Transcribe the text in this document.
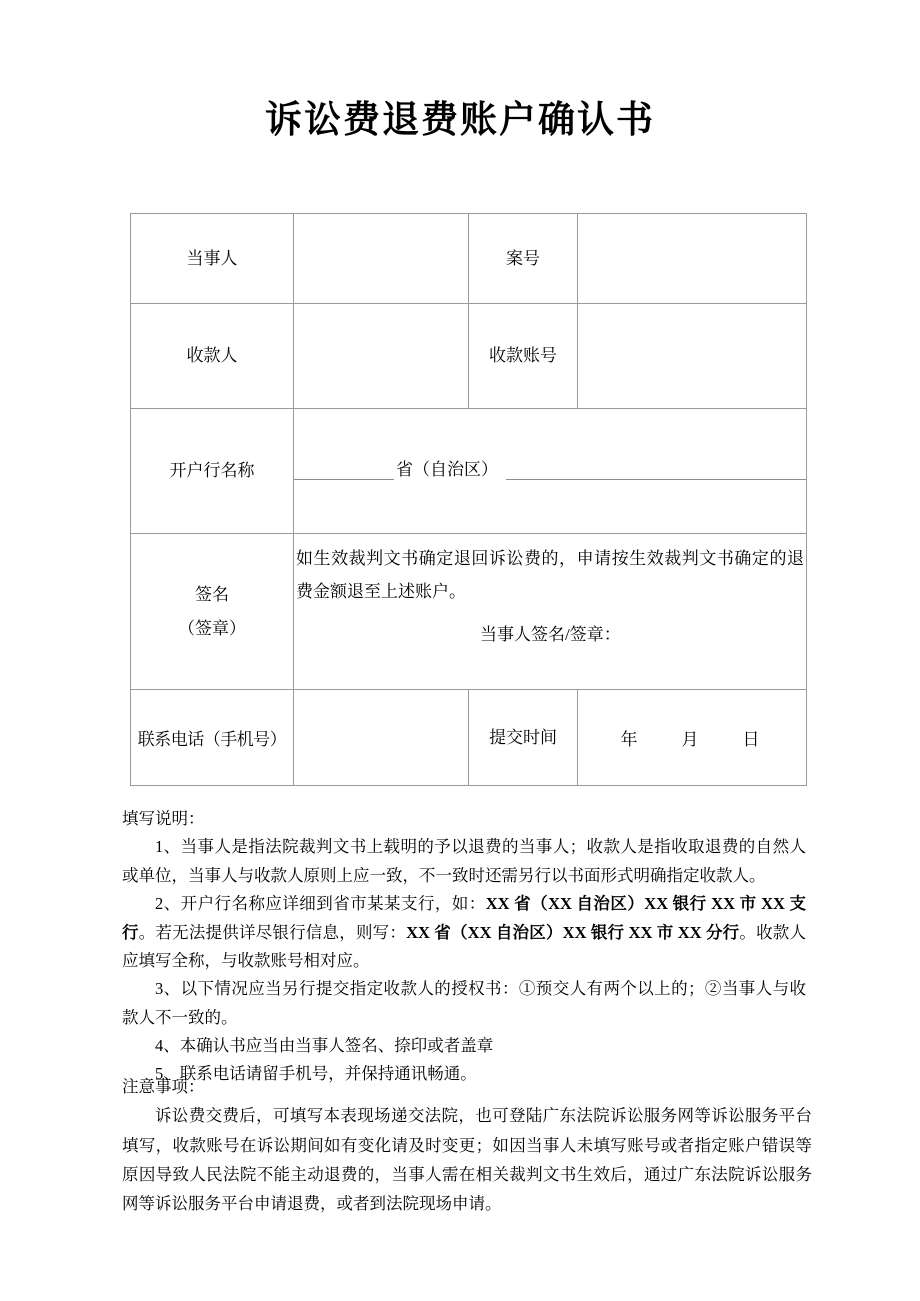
诉讼费退费账户确认书
当事人		案号	
收款人		收款账号	
开户行名称	省（自治区）		

签名
（签章）

如生效裁判文书确定退回诉讼费的，申请按生效裁判文书确定的退费金额退至上述账户。
当事人签名/签章：

联系电话（手机号）		提交时间	年 月 日

填写说明：

1、当事人是指法院裁判文书上载明的予以退费的当事人；收款人是指收取退费的自然人或单位，当事人与收款人原则上应一致，不一致时还需另行以书面形式明确指定收款人。

2、开户行名称应详细到省市某某支行，如：XX 省（XX 自治区）XX 银行 XX 市 XX 支行。若无法提供详尽银行信息，则写：XX 省（XX 自治区）XX 银行 XX 市 XX 分行。收款人应填写全称，与收款账号相对应。

3、以下情况应当另行提交指定收款人的授权书：①预交人有两个以上的；②当事人与收款人不一致的。

4、本确认书应当由当事人签名、捺印或者盖章

5、联系电话请留手机号，并保持通讯畅通。

注意事项：

诉讼费交费后，可填写本表现场递交法院，也可登陆广东法院诉讼服务网等诉讼服务平台填写，收款账号在诉讼期间如有变化请及时变更；如因当事人未填写账号或者指定账户错误等原因导致人民法院不能主动退费的，当事人需在相关裁判文书生效后，通过广东法院诉讼服务网等诉讼服务平台申请退费，或者到法院现场申请。
